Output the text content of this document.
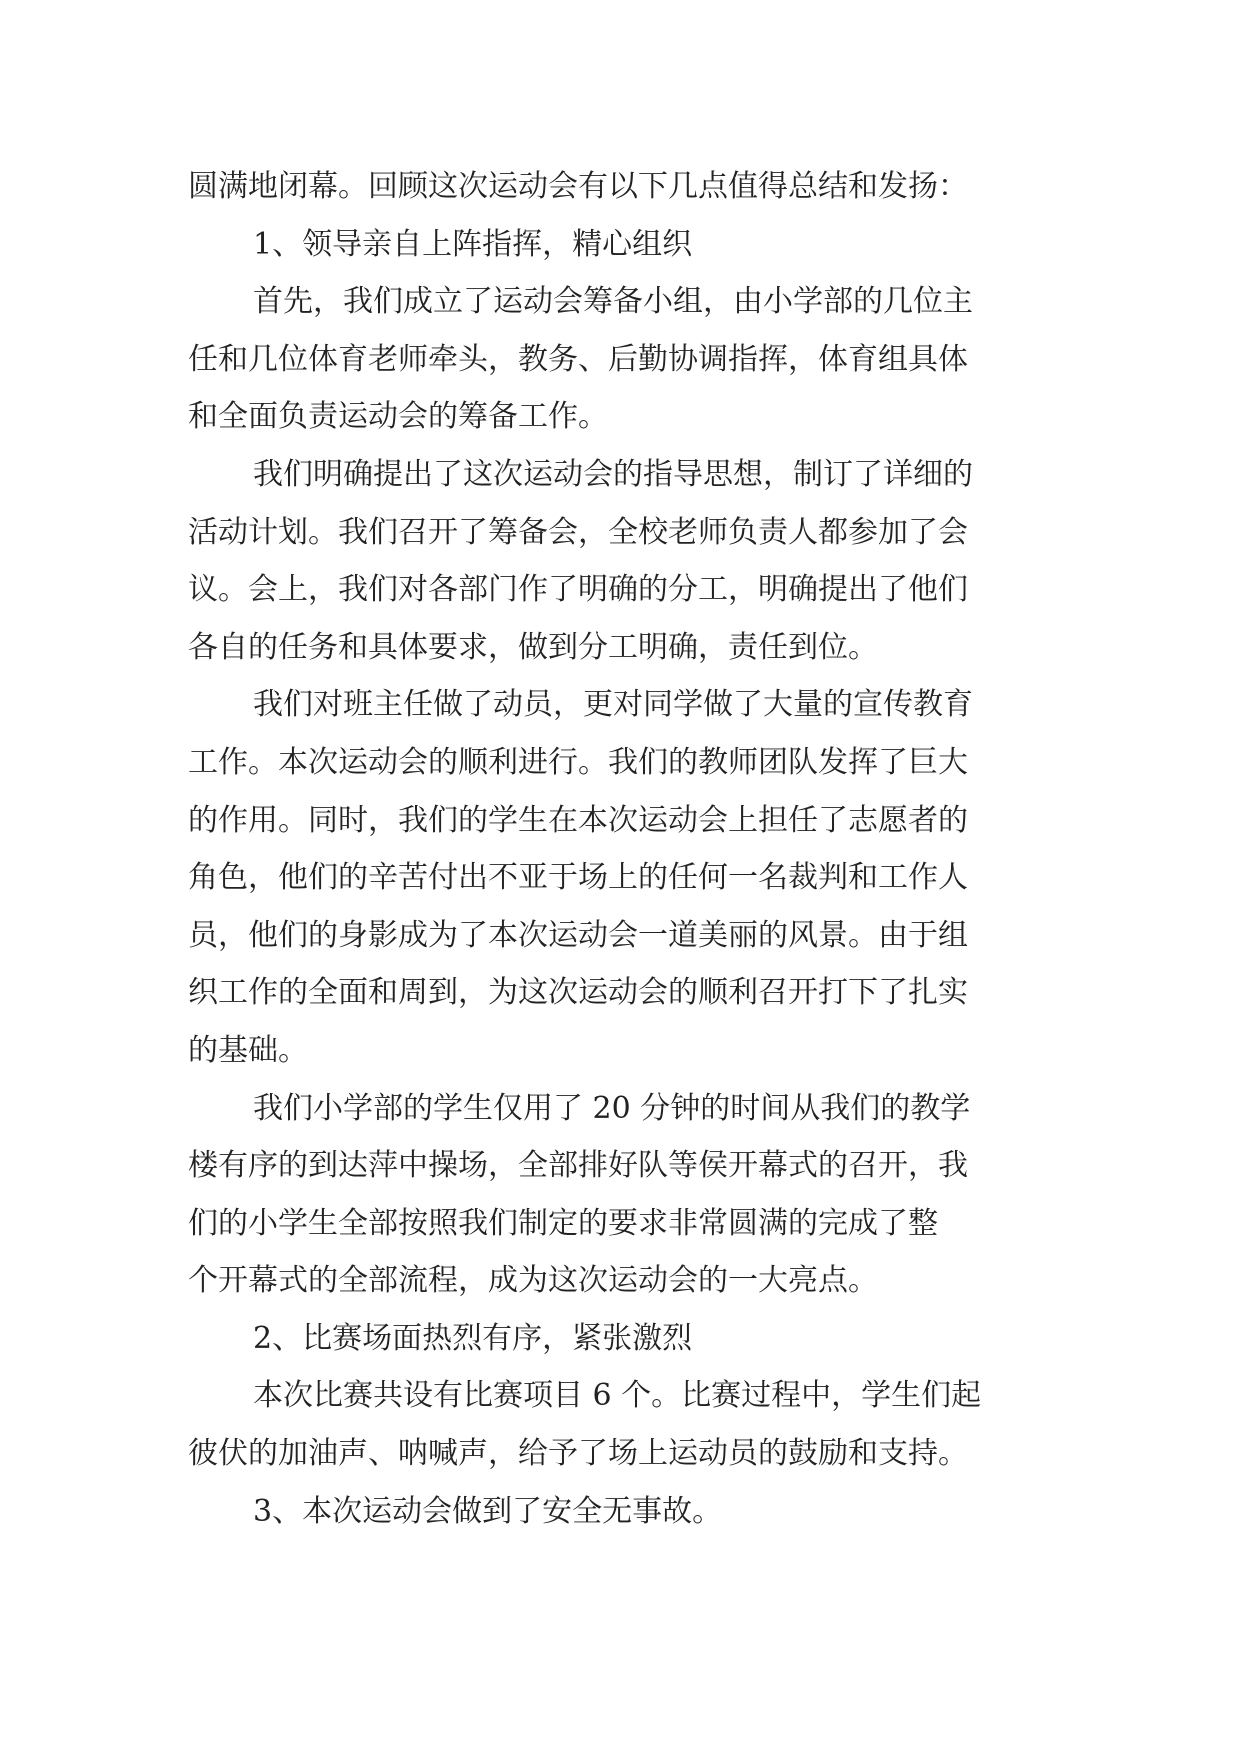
圆满地闭幕。回顾这次运动会有以下几点值得总结和发扬：
1、领导亲自上阵指挥，精心组织
首先，我们成立了运动会筹备小组，由小学部的几位主
任和几位体育老师牵头，教务、后勤协调指挥，体育组具体
和全面负责运动会的筹备工作。
我们明确提出了这次运动会的指导思想，制订了详细的
活动计划。我们召开了筹备会，全校老师负责人都参加了会
议。会上，我们对各部门作了明确的分工，明确提出了他们
各自的任务和具体要求，做到分工明确，责任到位。
我们对班主任做了动员，更对同学做了大量的宣传教育
工作。本次运动会的顺利进行。我们的教师团队发挥了巨大
的作用。同时，我们的学生在本次运动会上担任了志愿者的
角色，他们的辛苦付出不亚于场上的任何一名裁判和工作人
员，他们的身影成为了本次运动会一道美丽的风景。由于组
织工作的全面和周到，为这次运动会的顺利召开打下了扎实
的基础。
我们小学部的学生仅用了 20 分钟的时间从我们的教学
楼有序的到达萍中操场，全部排好队等侯开幕式的召开，我
们的小学生全部按照我们制定的要求非常圆满的完成了整
个开幕式的全部流程，成为这次运动会的一大亮点。
2、比赛场面热烈有序，紧张激烈
本次比赛共设有比赛项目 6 个。比赛过程中，学生们起
彼伏的加油声、呐喊声，给予了场上运动员的鼓励和支持。
3、本次运动会做到了安全无事故。
